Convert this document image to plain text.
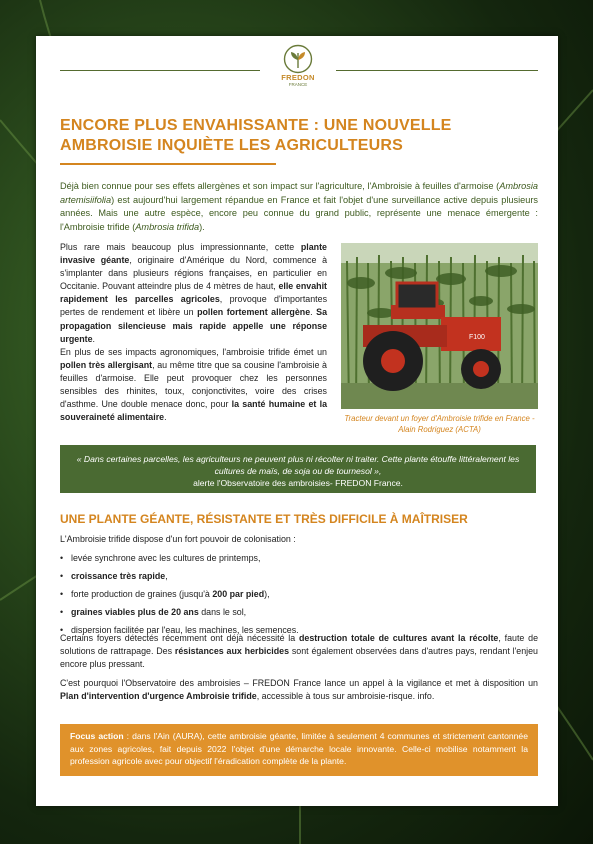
FREDON
FRANCE
ENCORE PLUS ENVAHISSANTE : UNE NOUVELLE AMBROISIE INQUIÈTE LES AGRICULTEURS

Déjà bien connue pour ses effets allergènes et son impact sur l'agriculture, l'Ambroisie à feuilles d'armoise (Ambrosia artemisiifolia) est aujourd'hui largement répandue en France et fait l'objet d'une surveillance active depuis plusieurs années. Mais une autre espèce, encore peu connue du grand public, représente une menace émergente : l'Ambroisie trifide (Ambrosia trifida).

Plus rare mais beaucoup plus impressionnante, cette plante invasive géante, originaire d'Amérique du Nord, commence à s'implanter dans plusieurs régions françaises, en particulier en Occitanie. Pouvant atteindre plus de 4 mètres de haut, elle envahit rapidement les parcelles agricoles, provoque d'importantes pertes de rendement et libère un pollen fortement allergène. Sa propagation silencieuse mais rapide appelle une réponse urgente.
En plus de ses impacts agronomiques, l'ambroisie trifide émet un pollen très allergisant, au même titre que sa cousine l'ambroisie à feuilles d'armoise. Elle peut provoquer chez les personnes sensibles des rhinites, toux, conjonctivites, voire des crises d'asthme. Une double menace donc, pour la santé humaine et la souveraineté alimentaire.

F100

Tracteur devant un foyer d'Ambroisie trifide en France - Alain Rodriguez (ACTA)

« Dans certaines parcelles, les agriculteurs ne peuvent plus ni récolter ni traiter. Cette plante étouffe littéralement les cultures de maïs, de soja ou de tournesol »,
alerte l'Observatoire des ambroisies- FREDON France.
UNE PLANTE GÉANTE, RÉSISTANTE ET TRÈS DIFFICILE À MAÎTRISER

L'Ambroisie trifide dispose d'un fort pouvoir de colonisation :

• levée synchrone avec les cultures de printemps,
• croissance très rapide,
• forte production de graines (jusqu'à 200 par pied),
• graines viables plus de 20 ans dans le sol,
• dispersion facilitée par l'eau, les machines, les semences.

Certains foyers détectés récemment ont déjà nécessité la destruction totale de cultures avant la récolte, faute de solutions de rattrapage. Des résistances aux herbicides sont également observées dans d'autres pays, rendant l'enjeu encore plus pressant.

C'est pourquoi l'Observatoire des ambroisies – FREDON France lance un appel à la vigilance et met à disposition un Plan d'intervention d'urgence Ambroisie trifide, accessible à tous sur ambroisie-risque. info.

Focus action : dans l'Ain (AURA), cette ambroisie géante, limitée à seulement 4 communes et strictement cantonnée aux zones agricoles, fait depuis 2022 l'objet d'une démarche locale innovante. Celle-ci mobilise notamment la profession agricole avec pour objectif l'éradication complète de la plante.
